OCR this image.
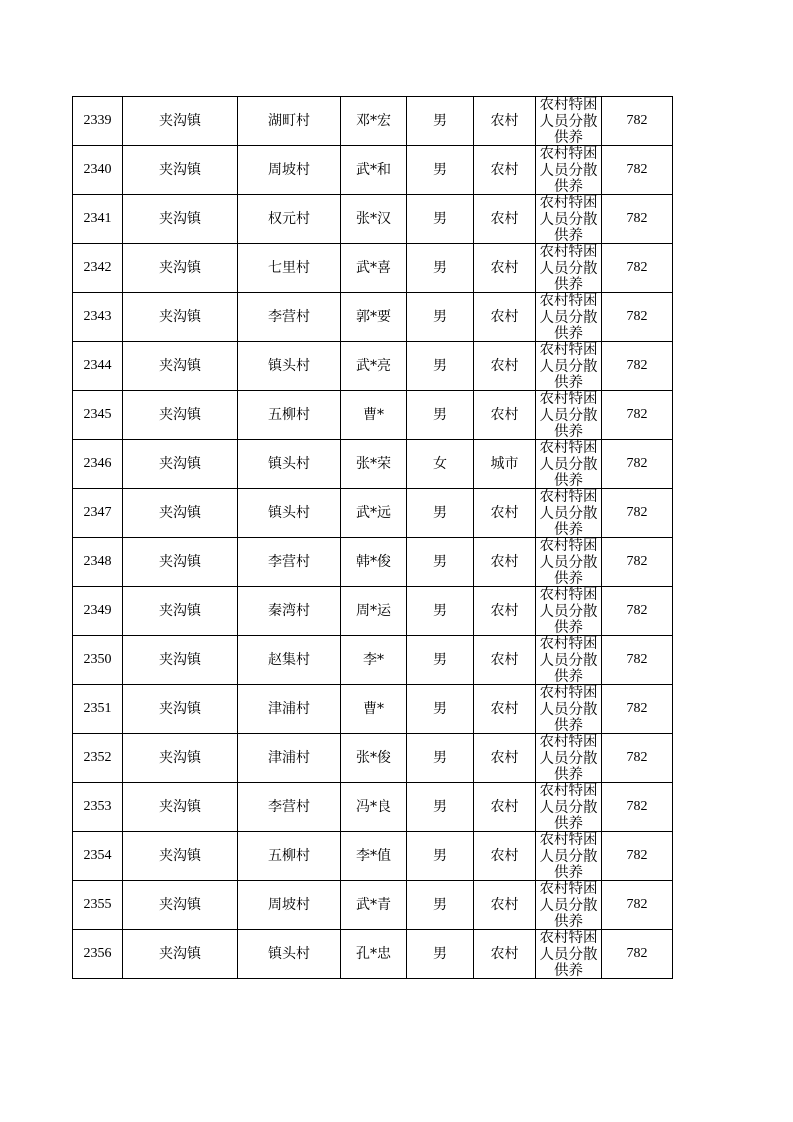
2339	夹沟镇	湖町村	邓*宏	男	农村	农村特困人员分散供养	782
2340	夹沟镇	周坡村	武*和	男	农村	农村特困人员分散供养	782
2341	夹沟镇	权元村	张*汉	男	农村	农村特困人员分散供养	782
2342	夹沟镇	七里村	武*喜	男	农村	农村特困人员分散供养	782
2343	夹沟镇	李营村	郭*要	男	农村	农村特困人员分散供养	782
2344	夹沟镇	镇头村	武*亮	男	农村	农村特困人员分散供养	782
2345	夹沟镇	五柳村	曹*	男	农村	农村特困人员分散供养	782
2346	夹沟镇	镇头村	张*荣	女	城市	农村特困人员分散供养	782
2347	夹沟镇	镇头村	武*远	男	农村	农村特困人员分散供养	782
2348	夹沟镇	李营村	韩*俊	男	农村	农村特困人员分散供养	782
2349	夹沟镇	秦湾村	周*运	男	农村	农村特困人员分散供养	782
2350	夹沟镇	赵集村	李*	男	农村	农村特困人员分散供养	782
2351	夹沟镇	津浦村	曹*	男	农村	农村特困人员分散供养	782
2352	夹沟镇	津浦村	张*俊	男	农村	农村特困人员分散供养	782
2353	夹沟镇	李营村	冯*良	男	农村	农村特困人员分散供养	782
2354	夹沟镇	五柳村	李*值	男	农村	农村特困人员分散供养	782
2355	夹沟镇	周坡村	武*青	男	农村	农村特困人员分散供养	782
2356	夹沟镇	镇头村	孔*忠	男	农村	农村特困人员分散供养	782
